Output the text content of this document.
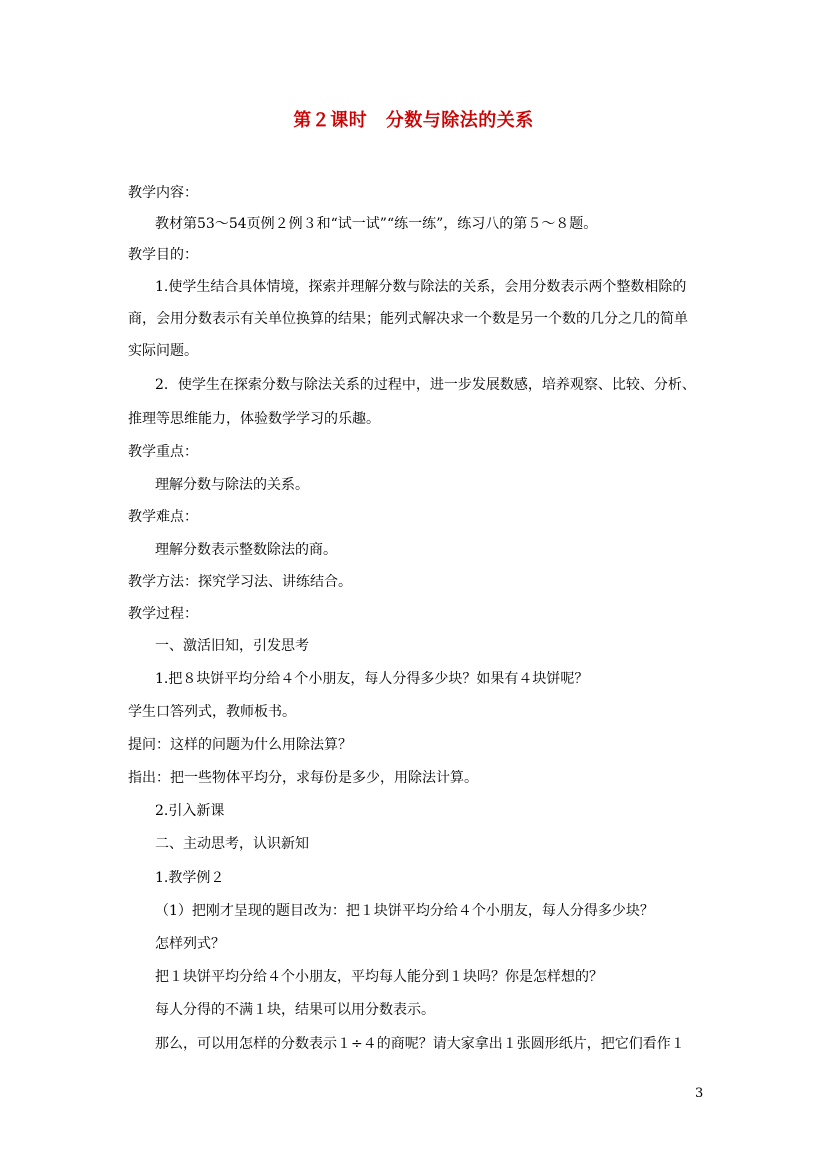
第２课时　分数与除法的关系

教学内容：

教材第53～54页例２例３和“试一试”“练一练”，练习八的第５～８题。

教学目的：

1.使学生结合具体情境，探索并理解分数与除法的关系，会用分数表示两个整数相除的

商，会用分数表示有关单位换算的结果；能列式解决求一个数是另一个数的几分之几的简单

实际问题。

2．使学生在探索分数与除法关系的过程中，进一步发展数感，培养观察、比较、分析、

推理等思维能力，体验数学学习的乐趣。

教学重点：

理解分数与除法的关系。

教学难点：

理解分数表示整数除法的商。

教学方法：探究学习法、讲练结合。

教学过程：

一、激活旧知，引发思考

1.把８块饼平均分给４个小朋友，每人分得多少块？如果有４块饼呢？

学生口答列式，教师板书。

提问：这样的问题为什么用除法算？

指出：把一些物体平均分，求每份是多少，用除法计算。

2.引入新课

二、主动思考，认识新知

1.教学例２

（1）把刚才呈现的题目改为：把１块饼平均分给４个小朋友，每人分得多少块？

怎样列式？

把１块饼平均分给４个小朋友，平均每人能分到１块吗？你是怎样想的？

每人分得的不满１块，结果可以用分数表示。

那么，可以用怎样的分数表示１÷４的商呢？请大家拿出１张圆形纸片，把它们看作１

3
